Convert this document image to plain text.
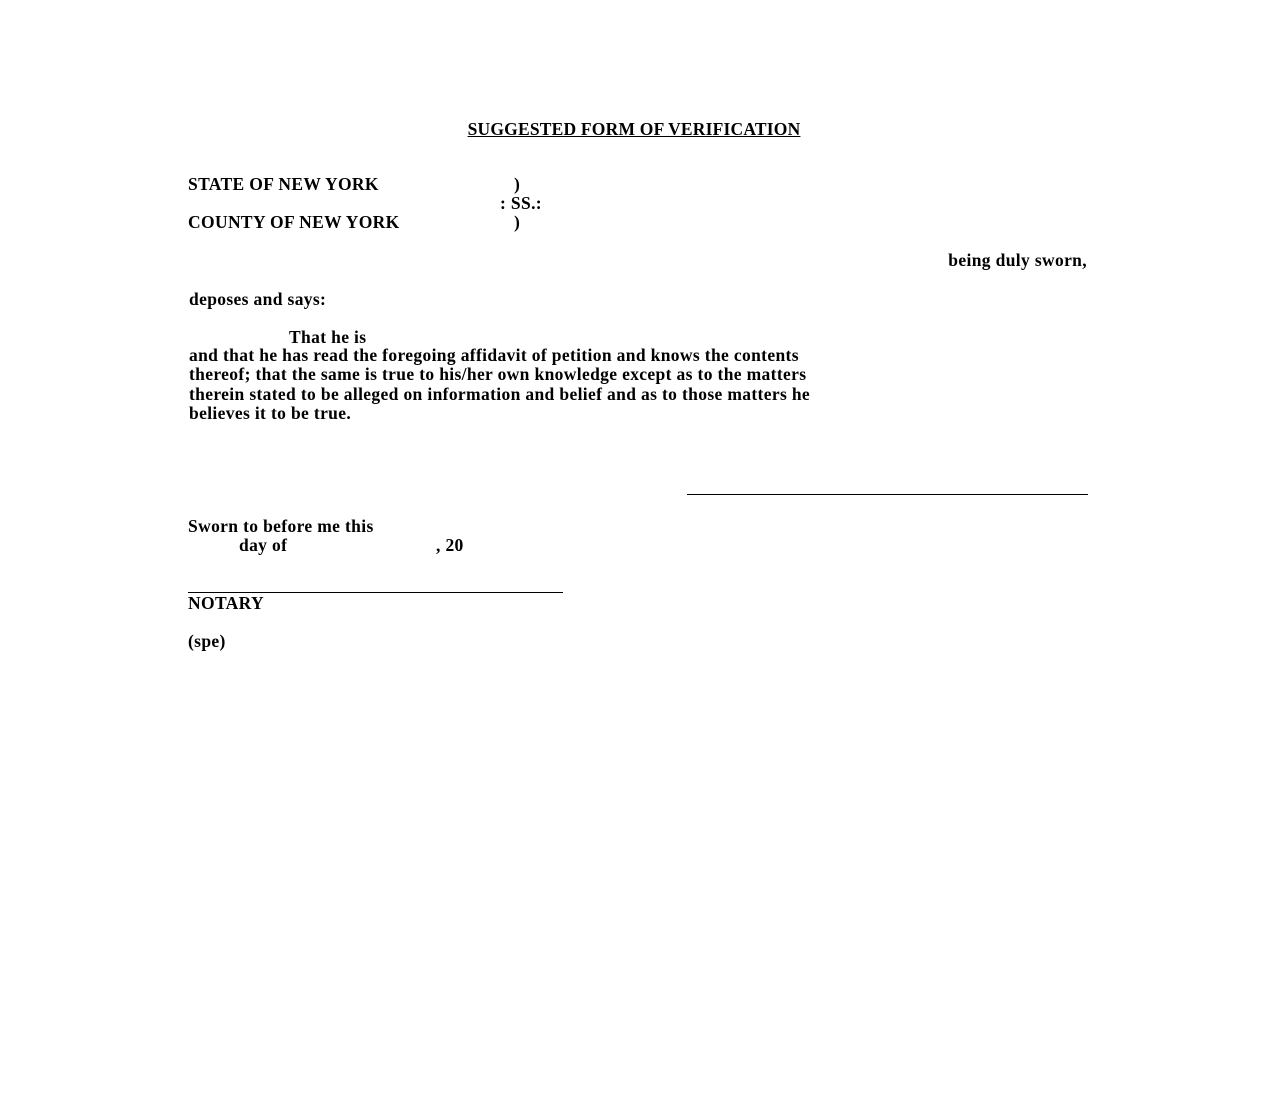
SUGGESTED FORM OF VERIFICATION
STATE OF NEW YORK	)
: SS.:
COUNTY OF NEW YORK	)
being duly sworn,
deposes and says:
That he is
and that he has read the foregoing affidavit of petition and knows the contents
thereof; that the same is true to his/her own knowledge except as to the matters
therein stated to be alleged on information and belief and as to those matters he
believes it to be true.
Sworn to before me this
day of	, 20
NOTARY
(spe)
